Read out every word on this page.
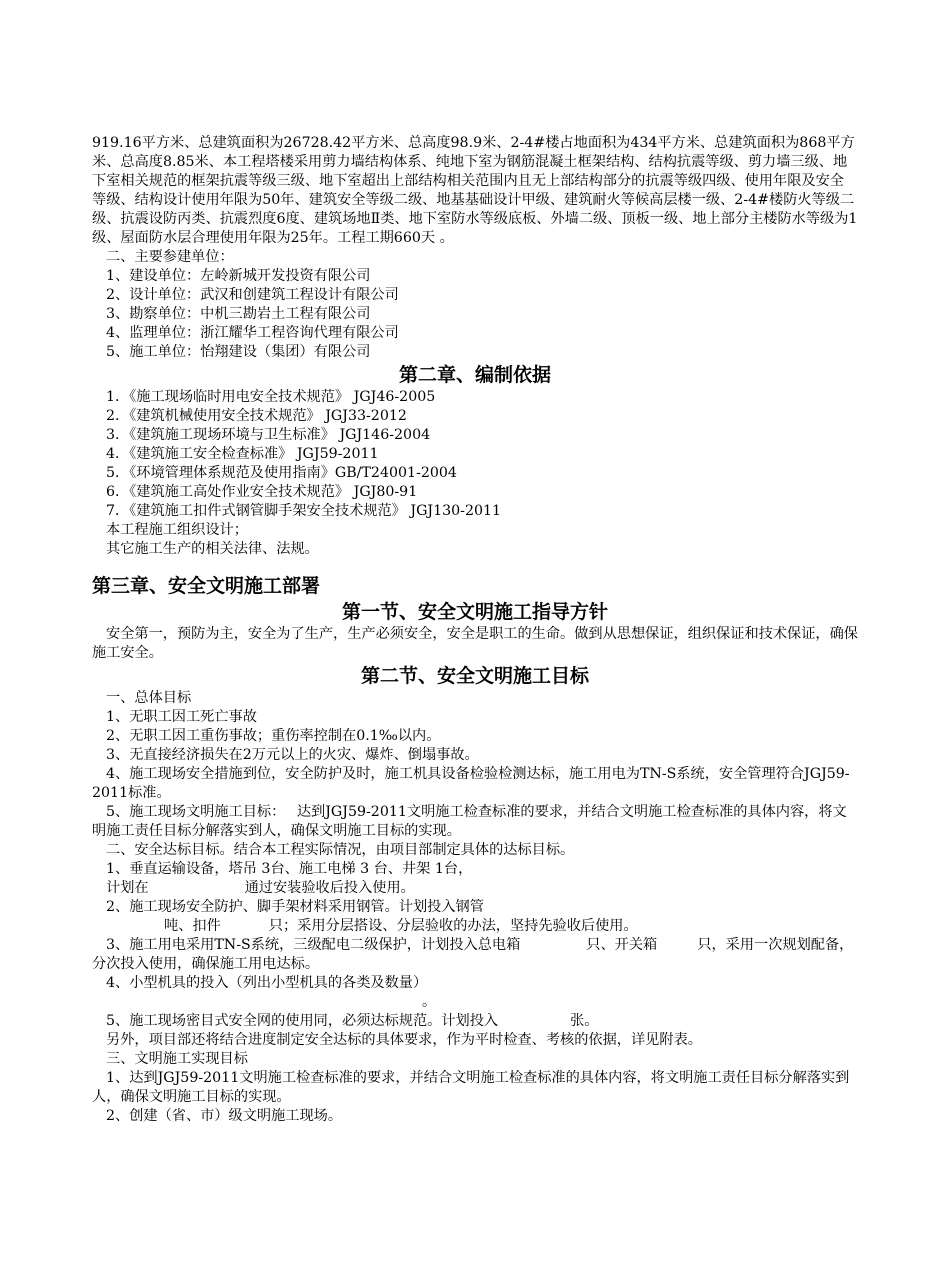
919.16平方米、总建筑面积为26728.42平方米、总高度98.9米、2-4#楼占地面积为434平方米、总建筑面积为868平方米、总高度8.85米、本工程塔楼采用剪力墙结构体系、纯地下室为钢筋混凝土框架结构、结构抗震等级、剪力墙三级、地下室相关规范的框架抗震等级三级、地下室超出上部结构相关范围内且无上部结构部分的抗震等级四级、使用年限及安全等级、结构设计使用年限为50年、建筑安全等级二级、地基基础设计甲级、建筑耐火等候高层楼一级、2-4#楼防火等级二级、抗震设防丙类、抗震烈度6度、建筑场地Ⅱ类、地下室防水等级底板、外墙二级、顶板一级、地上部分主楼防水等级为1级、屋面防水层合理使用年限为25年。工程工期660天 。

二、主要参建单位：

1、建设单位：左岭新城开发投资有限公司

2、设计单位：武汉和创建筑工程设计有限公司

3、勘察单位：中机三勘岩土工程有限公司

4、监理单位：浙江耀华工程咨询代理有限公司

5、施工单位：怡翔建设（集团）有限公司

第二章、编制依据

1．《施工现场临时用电安全技术规范》 JGJ46-2005

2．《建筑机械使用安全技术规范》 JGJ33-2012

3．《建筑施工现场环境与卫生标准》 JGJ146-2004

4．《建筑施工安全检查标准》 JGJ59-2011

5．《环境管理体系规范及使用指南》GB/T24001-2004

6．《建筑施工高处作业安全技术规范》 JGJ80-91

7．《建筑施工扣件式钢管脚手架安全技术规范》 JGJ130-2011

本工程施工组织设计；

其它施工生产的相关法律、法规。

第三章、安全文明施工部署

第一节、安全文明施工指导方针

安全第一，预防为主，安全为了生产，生产必须安全，安全是职工的生命。做到从思想保证，组织保证和技术保证，确保施工安全。

第二节、安全文明施工目标

一、总体目标

1、无职工因工死亡事故

2、无职工因工重伤事故；重伤率控制在0.1‰以内。

3、无直接经济损失在2万元以上的火灾、爆炸、倒塌事故。

4、施工现场安全措施到位，安全防护及时，施工机具设备检验检测达标，施工用电为TN-S系统，安全管理符合JGJ59-2011标准。

5、施工现场文明施工目标：　 达到JGJ59-2011文明施工检查标准的要求，并结合文明施工检查标准的具体内容，将文明施工责任目标分解落实到人，确保文明施工目标的实现。

二、安全达标目标。结合本工程实际情况，由项目部制定具体的达标目标。

1、垂直运输设备，塔吊 3台、施工电梯 3 台、井架 1台，

计划在	通过安装验收后投入使用。

2、施工现场安全防护、脚手架材料采用钢管。计划投入钢管

吨、扣件	只；采用分层搭设、分层验收的办法，坚持先验收后使用。

3、施工用电采用TN-S系统，三级配电二级保护，计划投入总电箱	只、开关箱	只，采用一次规划配备，分次投入使用，确保施工用电达标。

4、小型机具的投入（列出小型机具的各类及数量）

。

5、施工现场密目式安全网的使用同，必须达标规范。计划投入	张。

另外，项目部还将结合进度制定安全达标的具体要求，作为平时检查、考核的依据，详见附表。

三、文明施工实现目标

1、达到JGJ59-2011文明施工检查标准的要求，并结合文明施工检查标准的具体内容，将文明施工责任目标分解落实到人，确保文明施工目标的实现。

2、创建（省、市）级文明施工现场。
